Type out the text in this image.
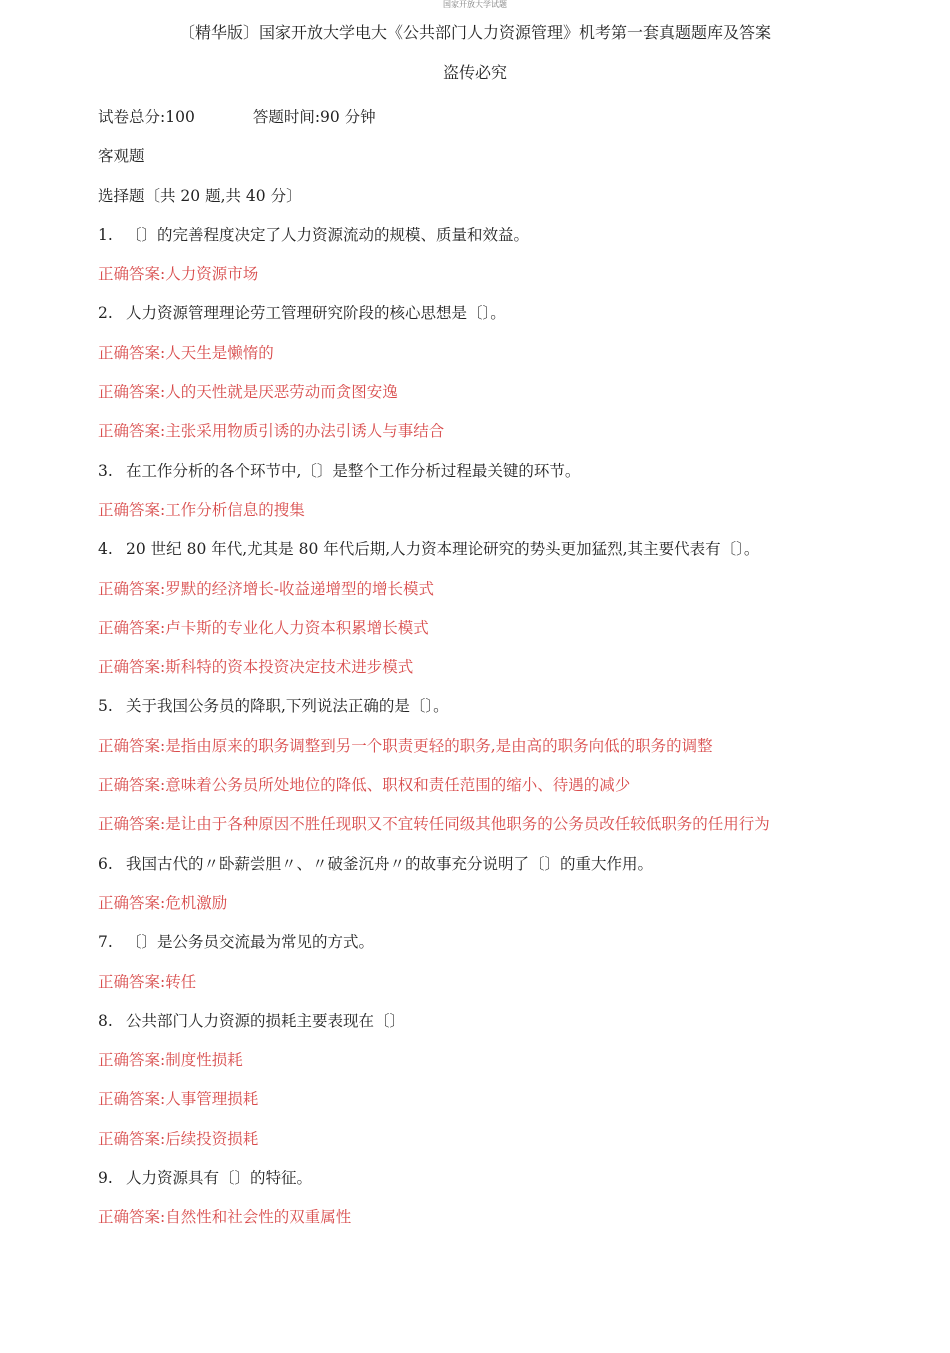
国家开放大学试题
〔精华版〕国家开放大学电大《公共部门人力资源管理》机考第一套真题题库及答案
盗传必究
试卷总分:100	答题时间:90 分钟
客观题
选择题〔共 20 题,共 40 分〕
1. 〔〕的完善程度决定了人力资源流动的规模、质量和效益。
正确答案:人力资源市场
2. 人力资源管理理论劳工管理研究阶段的核心思想是〔〕。
正确答案:人天生是懒惰的
正确答案:人的天性就是厌恶劳动而贪图安逸
正确答案:主张采用物质引诱的办法引诱人与事结合
3. 在工作分析的各个环节中,〔〕是整个工作分析过程最关键的环节。
正确答案:工作分析信息的搜集
4. 20 世纪 80 年代,尤其是 80 年代后期,人力资本理论研究的势头更加猛烈,其主要代表有〔〕。
正确答案:罗默的经济增长-收益递增型的增长模式
正确答案:卢卡斯的专业化人力资本积累增长模式
正确答案:斯科特的资本投资决定技术进步模式
5. 关于我国公务员的降职,下列说法正确的是〔〕。
正确答案:是指由原来的职务调整到另一个职责更轻的职务,是由高的职务向低的职务的调整
正确答案:意味着公务员所处地位的降低、职权和责任范围的缩小、待遇的减少
正确答案:是让由于各种原因不胜任现职又不宜转任同级其他职务的公务员改任较低职务的任用行为
6. 我国古代的〃卧薪尝胆〃、〃破釜沉舟〃的故事充分说明了〔〕的重大作用。
正确答案:危机激励
7. 〔〕是公务员交流最为常见的方式。
正确答案:转任
8. 公共部门人力资源的损耗主要表现在〔〕
正确答案:制度性损耗
正确答案:人事管理损耗
正确答案:后续投资损耗
9. 人力资源具有〔〕的特征。
正确答案:自然性和社会性的双重属性
